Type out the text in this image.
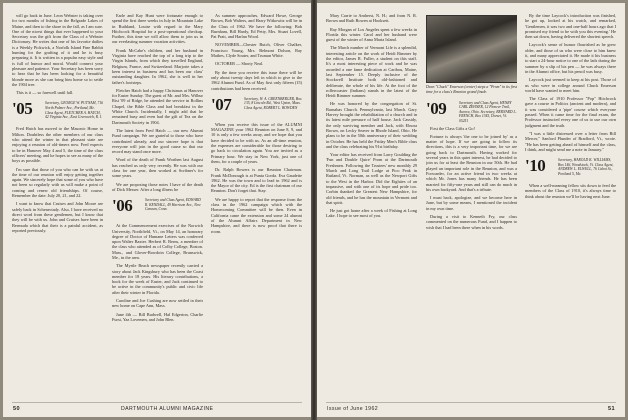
will go back in June. Leon Webster is taking over for two months of fishing in the Belgrade Lakes of Maine, and then to the shore in the fall, as I am sure. One of the nicest things that ever happened to your Secretary was the gift from the Class of a Webster Dictionary. He writes that one of his favorite dailies is a Weekly Pickwick, a Norfolk Island Fine Rabbit hunting for the grafting of it and he is busy preparing it. It is written in a popular easy style and is full of humor and moral. Would connect your pleasure and patience. Your Secretary has been sorry to hear that he has been looking for a beautiful blonde more as she can bring him home so to settle the 1904 tree.

This is it — so farewell until fall.

'05	Secretary, GEORGE W. PUTNAM, 716 North Palmer Ave., Portland, Me. Class Agent, FLETCHER A. HATCH, 42 Virginia Ave., East Greenwich, R. I.

Fred Hatch has moved to the Masonic Home in Milton. Doubtless the other members of our class who attend the winter in that pleasant state are enjoying a reunion of old-timers now. Fred expects to be in Hanover May 4 and 5, the time of the class officers' meeting, and he hopes to see as many of the boys as possible.

I'm sure that those of you who can be with us at the time of our reunion will enjoy getting together again. We sincerely hope that some of you who have not been so regularly with us will make a point of coming and renew old friendships. Of course, Remember the date: July 20, 21, and 22.

I want to know that Cruises and John Moore are safely back in Schenectady. Also, I have received no direct word from these gentlemen, but I know that they will be with us. John and Cruises have been in Bermuda which that their is a painful accident, as reported previously.

Earle and Kay Hunt were fortunate enough to spend the first three weeks in July in Mountain Lake in Ruthland, Louise with regard to the Mary Hitchcock Hospital for a post-operational checkup. Further, this time we will allow them to join us in our everlasting summer vacation activities.

Frank McCabe's children, and her husband in Virginia have reached the top of a long trip to the Virgin Islands, from which they travelled England, Belgium, France, and Switzerland. Marjorie takes a keen interest in business and has been our class' outstanding daughter. In 1962, she is well in her father's footsteps.

Fletcher Hatch had a happy Christmas at Hanover for Easter Sunday. The guest of Mr. and Mrs. Wilbur Rist '09 of Ridge, he attended the service in Rollins Chapel, the Bible Class and had breakfast in the White Church. Incidentally, I might add that he remained busy and even had the gift of Tea on the Dartmouth Society in 1904.

The latest from Fred Hatch — our new Alumni Fund campaign. We are grateful to those who have contributed already, and our sincere hope is that everyone will join in the good cause so that our record may stand once more.

Word of the death of Frank Worthen last August has reached us only very recently. He was with our class for one year, then worked at Scribner's for some years.

We are proposing those notes I have of the death of Dick Messer. After a long illness he

'06	Secretary and Class Agent, EDWARD R. KENDALL, 49 Harrison Ave., New Canaan, Conn.

At the Commencement exercises of the Norwich University, Northfield, Vt., on May 14, an honorary degree of Doctor of Humane Letters was conferred upon Walter Baxter. Herbert R. Berns, a member of the class who attended as of Colby College, Boston. Mass., and Glover-Bowdoin College, Brunswick, Me., in the area.

The Myrtle Beach newspaper recently carried a story about Jack Kingsbury who has been the Coast member for 18 years. His literary contributions, a book for the week of Easter, and Jack continued to be active in the community's public and civic life after their winter in Florida.

Caroline and Joe Cushing are now settled in their new home on Cape Ann, Mass.

June 4th — Bill Budwell, Hal Edgerton, Charlie Furst, Yaz Lovemen, and John Blen.

As summer approaches, Edward Howe, George Brown, Bob Walters, and Harry Witkowitz will be in the Class of 1962. We have the following: Bob Burnham, Bill Hardy, Ed Petty, Mrs. Stuart Lovell, Pat Pratt, and Harlan Wood.

NOVEMBER—Chester Butch, Oliver Chalker, Francisco Young, Mrs. Belmont Dolson, Ray Mathes, Clyde Souter, and Truman White.

OCTOBER — Shorty Neal.

By the time you receive this issue there will be only about twenty days left in which to give to the 1962 Alumni Fund. As of May first only fifteen (15) contributions had been received.

'07	Secretary, W. A. GREENBERGER, Box 135, 8 Lincoln Rd., West Upton, Mass. Class Agent, ROBERT L. BOWDEN

When you receive this issue of the ALUMNI MAGAZINE your 1962 Reunion on June 8, 9, and 10 is only a few weeks away, and we hope that you have decided to be with us. As an all-time reunion, the expenses are considerable for those desiring to go back to circulation again. You are invited as a Primary hour. We stay in New York, just one of them, for a couple of years.

Dr. Ralph Bowers is our Reunion Chairman. Frank McDonough is at Punta Gorda. Eva Gaudette 1962. He was the town and to lead in 1962 and is the Mayor of the city. Ed is the first chairman of our Reunion. Don't forget that. Stay.

We are happy to report that the response from the class in the 1962 campaign which with the Homecoming Committee will be then. Even in California came the extension and some 24 alumni of the Alumni Affairs Department in New Hampshire, and there is now proof that there is room.

50	DARTMOUTH ALUMNI MAGAZINE

Mary Carrie to Amherst, N. H.; and from N. R. Brown and Ruth Bowen at Hooksett.

Ray Morgan of Los Angeles spent a few weeks in Florida this winter. Carol and her husband were guest of the winter of Anna Maria Island.

The March number of Vermont Life is a splendid, interesting article on the work of Heidi Rimmer by the editor, James R. Fuller, a student on this staff. It's a most interesting piece of work and he was awarded a one fame dedication at Caribou, Maine, last September 15. Deeply inclusive of the Stockwell Institute both old-fashioned and deliberate, the whole of his life. At the foot of the rollercoaster (Indians) stands in the latest of the Heidi Rimmer summer.

He was honored by the congregation of St. Barnabas Church. Pennsylvania, last March. Gary Harvey brought the rehabilitation of a church and in its latest mile pressure of half house. Jack Cassidy, the only surviving member and Jack, with Elnora Brown, on Lecky Seaver in Rhode Island, Ohio. He plans to be in the 50th anniversary of their wedding in October. He has held the Friday Men's Bible class and the class celebrating his 91st birthday.

Your editor has received from Larry Goulding the 'Fun and Double Quire' Prom at the Dartmouth Freshmen. Following the Trustees' new monthly 29 March and Long Trail Lodge at Pico Peak in Rutland, Vt. Norman, as well as the Newport Gifts to the West in the Harbor. Did the Eighties of an impassive, and with one of its hope and pride too. Corbin thanked the Greatest New Hampshire, for old friends, and he has the mountain in Vermont and that spirit.

He just got home after a week of Fishing at Long Lake. I hope to see most of you.

Dean "Chuck" Emerson (center) steps a "Prom" in its first time for a class's Reunion grand finale.
'09	Secretary and Class Agent, HENRY CARL ZEHNER, 12 Pioneer Trail, Aurora, Ohio. Secretary, BERNARD L. FRENCH, Box 1345, Dorset, Vt. 05251

First the Class Gifts a Go!

Fortune is always 'the one to be joined by' as a matter of hope. If we are going to follow its directions, this is a very important time, for we are going back to Dartmouth. Having worked for several years in this quiet interest, he had decided to join us for at least the Reunion in our 50th. He had played an important role in the Reunion, and was a Forwarder, for an active friend in two weeks at which Mr. Jones has many friends. He has been married for fifty-one years and still can do much in his own backyard. And that's a tribute.

I must back, apologize, and we become here in June, but by some means, I mentioned the incident in my own time.

During a visit to Kenneth Fry, our class commented on the numerous Fund, and I happen to wish that I had been there when in his words.

By the time Laycock's introduction was finished, he got up, looked at his watch, and remarked, 'Gentlemen, it was two and one-half hours ago that I promised my friend to be with you this evening.' He then sat down, having delivered the shortest speech.

Laycock's sense of humor flourished as he grew older, and those of us who were close to him knew it, and many appreciated it. He made it his business to start a 24-hour notice to one of the lads during the summer by a slip of his pen — he was always there in the Alumni office, but his pencil was busy.

Laycock just seemed to keep at his post. Those of us who were in college around Chuck Emerson world have wanted to meet him.

The Class of 1910 Professor "Pop" Hitchcock gave a course in Politics (ancient and modern), and it was considered a 'pipe' course which everyone passed. When it came time for the final exam, the Professor instructed every one of us to use our own judgment and the truth.

"I was a little distressed over a letter from Bill Mercer," Sanford Plunder of Bradford, Vt., wrote. "He has been getting ahead of himself and the class, I think, and might send me a note in January."

'10	Secretary, HAROLD K. WILLIAMS, Box 146, Woodstock, Vt. Class Agent, ANDREW L. ELWELL, 76 Cabot St., Portland 5, Me.

When a well-meaning fellow sits down to feed the members of the Class of 1910, it's always time to think about the reunion we'll be having next June.

Issue of June 1962	51
